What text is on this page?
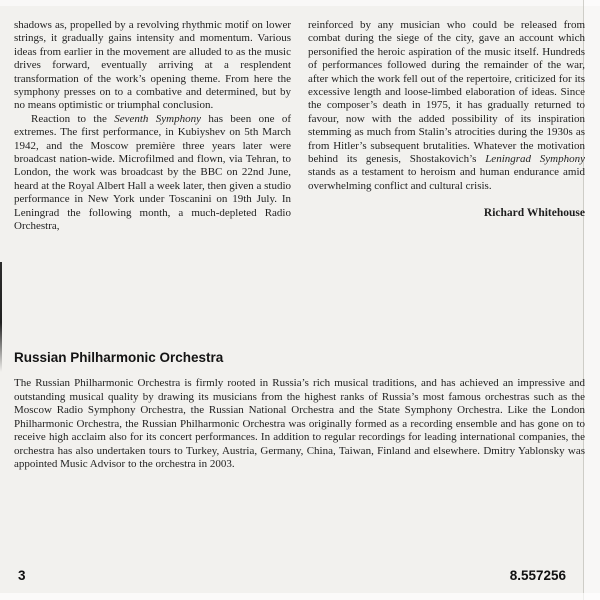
shadows as, propelled by a revolving rhythmic motif on lower strings, it gradually gains intensity and momentum. Various ideas from earlier in the movement are alluded to as the music drives forward, eventually arriving at a resplendent transformation of the work’s opening theme. From here the symphony presses on to a combative and determined, but by no means optimistic or triumphal conclusion.

Reaction to the Seventh Symphony has been one of extremes. The first performance, in Kubiyshev on 5th March 1942, and the Moscow première three years later were broadcast nation-wide. Microfilmed and flown, via Tehran, to London, the work was broadcast by the BBC on 22nd June, heard at the Royal Albert Hall a week later, then given a studio performance in New York under Toscanini on 19th July. In Leningrad the following month, a much-depleted Radio Orchestra,

reinforced by any musician who could be released from combat during the siege of the city, gave an account which personified the heroic aspiration of the music itself. Hundreds of performances followed during the remainder of the war, after which the work fell out of the repertoire, criticized for its excessive length and loose-limbed elaboration of ideas. Since the composer’s death in 1975, it has gradually returned to favour, now with the added possibility of its inspiration stemming as much from Stalin’s atrocities during the 1930s as from Hitler’s subsequent brutalities. Whatever the motivation behind its genesis, Shostakovich’s Leningrad Symphony stands as a testament to heroism and human endurance amid overwhelming conflict and cultural crisis.

Richard Whitehouse
Russian Philharmonic Orchestra

The Russian Philharmonic Orchestra is firmly rooted in Russia’s rich musical traditions, and has achieved an impressive and outstanding musical quality by drawing its musicians from the highest ranks of Russia’s most famous orchestras such as the Moscow Radio Symphony Orchestra, the Russian National Orchestra and the State Symphony Orchestra. Like the London Philharmonic Orchestra, the Russian Philharmonic Orchestra was originally formed as a recording ensemble and has gone on to receive high acclaim also for its concert performances. In addition to regular recordings for leading international companies, the orchestra has also undertaken tours to Turkey, Austria, Germany, China, Taiwan, Finland and elsewhere. Dmitry Yablonsky was appointed Music Advisor to the orchestra in 2003.

3	8.557256
